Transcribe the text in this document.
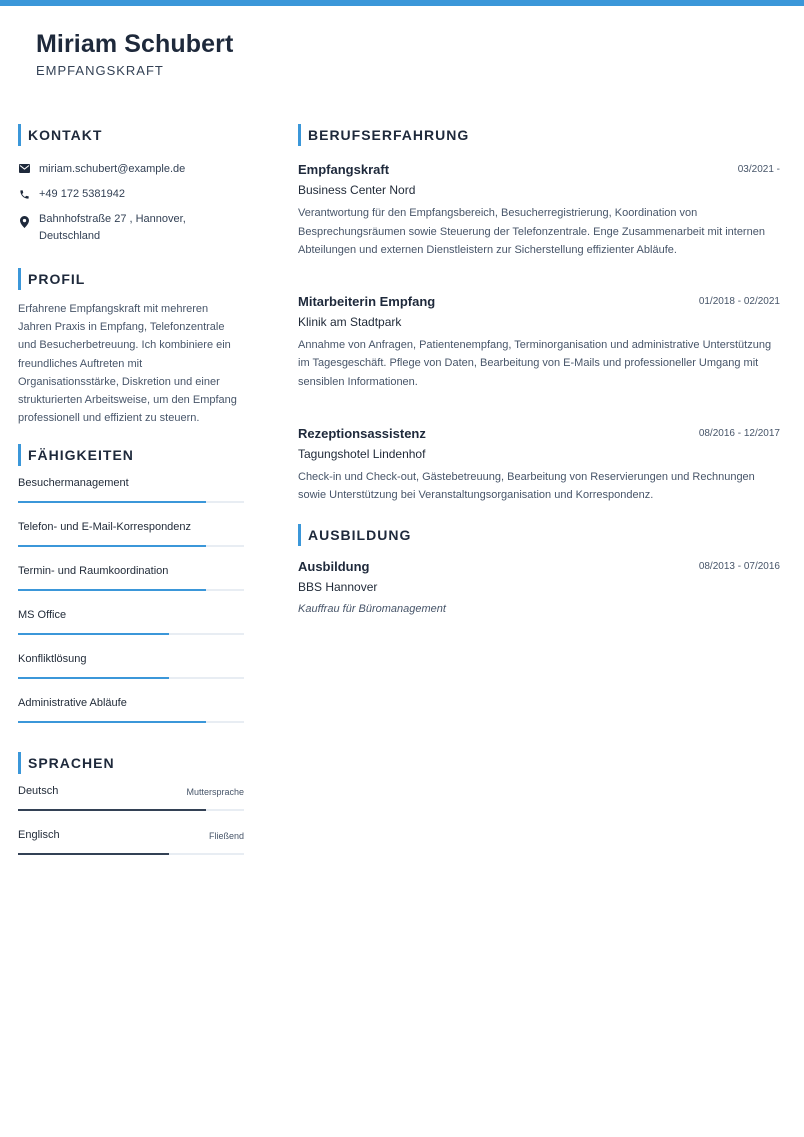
Miriam Schubert
EMPFANGSKRAFT
KONTAKT
miriam.schubert@example.de
+49 172 5381942
Bahnhofstraße 27 , Hannover,
Deutschland
PROFIL
Erfahrene Empfangskraft mit mehreren Jahren Praxis in Empfang, Telefonzentrale und Besucherbetreuung. Ich kombiniere ein freundliches Auftreten mit Organisationsstärke, Diskretion und einer strukturierten Arbeitsweise, um den Empfang professionell und effizient zu steuern.
FÄHIGKEITEN
Besuchermanagement
Telefon- und E-Mail-Korrespondenz
Termin- und Raumkoordination
MS Office
Konfliktlösung
Administrative Abläufe
SPRACHEN
Deutsch	Muttersprache
Englisch	Fließend
BERUFSERFAHRUNG
Empfangskraft	03/2021 -
Business Center Nord
Verantwortung für den Empfangsbereich, Besucherregistrierung, Koordination von Besprechungsräumen sowie Steuerung der Telefonzentrale. Enge Zusammenarbeit mit internen Abteilungen und externen Dienstleistern zur Sicherstellung effizienter Abläufe.
Mitarbeiterin Empfang	01/2018 - 02/2021
Klinik am Stadtpark
Annahme von Anfragen, Patientenempfang, Terminorganisation und administrative Unterstützung im Tagesgeschäft. Pflege von Daten, Bearbeitung von E-Mails und professioneller Umgang mit sensiblen Informationen.
Rezeptionsassistenz	08/2016 - 12/2017
Tagungshotel Lindenhof
Check-in und Check-out, Gästebetreuung, Bearbeitung von Reservierungen und Rechnungen sowie Unterstützung bei Veranstaltungsorganisation und Korrespondenz.
AUSBILDUNG
Ausbildung	08/2013 - 07/2016
BBS Hannover
Kauffrau für Büromanagement
